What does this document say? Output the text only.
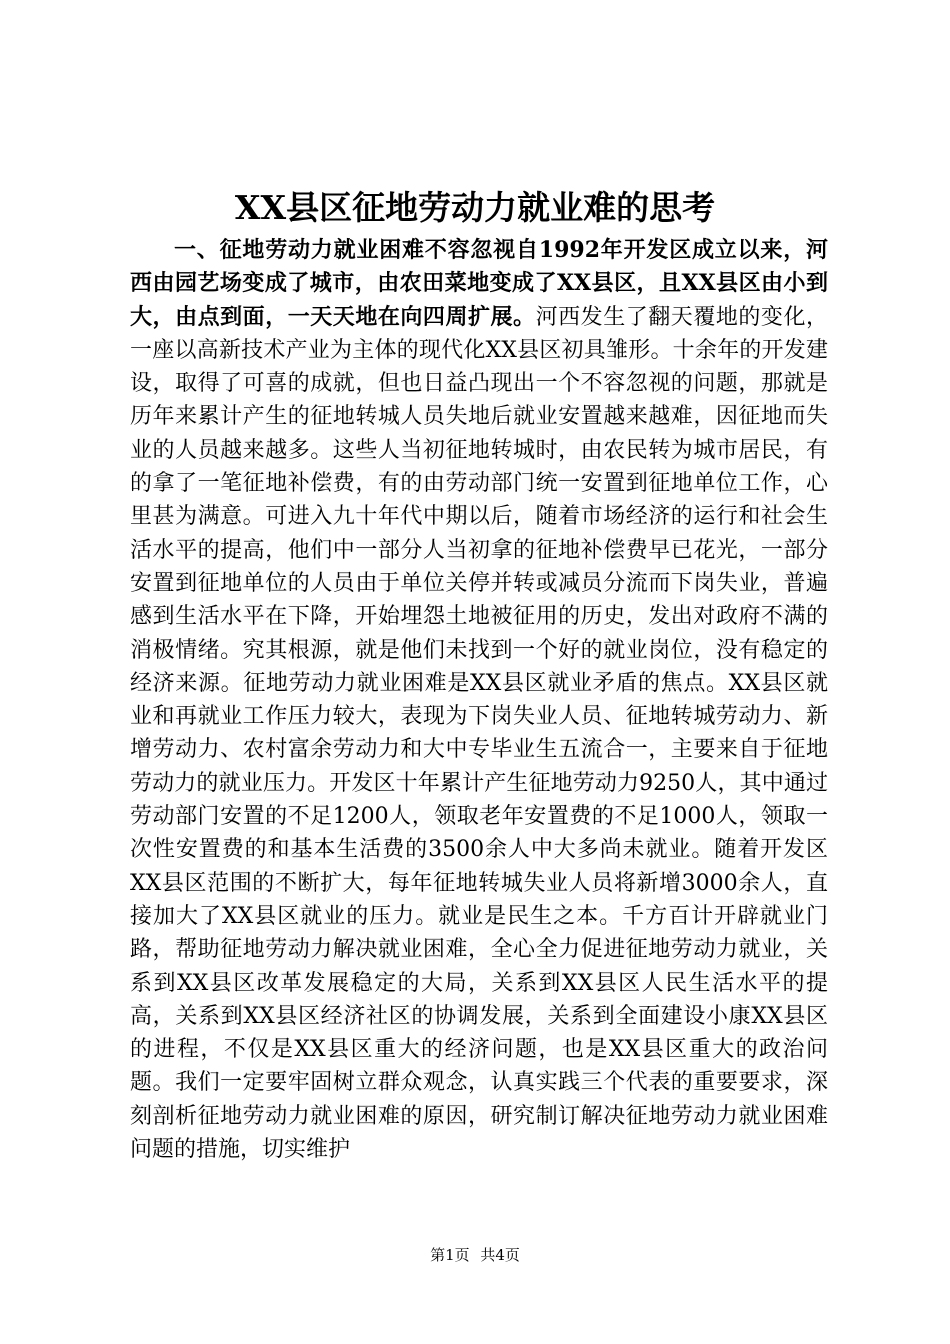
XX县区征地劳动力就业难的思考

一、征地劳动力就业困难不容忽视自1992年开发区成立以来，河西由园艺场变成了城市，由农田菜地变成了XX县区，且XX县区由小到大，由点到面，一天天地在向四周扩展。河西发生了翻天覆地的变化，一座以高新技术产业为主体的现代化XX县区初具雏形。十余年的开发建设，取得了可喜的成就，但也日益凸现出一个不容忽视的问题，那就是历年来累计产生的征地转城人员失地后就业安置越来越难，因征地而失业的人员越来越多。这些人当初征地转城时，由农民转为城市居民，有的拿了一笔征地补偿费，有的由劳动部门统一安置到征地单位工作，心里甚为满意。可进入九十年代中期以后，随着市场经济的运行和社会生活水平的提高，他们中一部分人当初拿的征地补偿费早已花光，一部分安置到征地单位的人员由于单位关停并转或减员分流而下岗失业，普遍感到生活水平在下降，开始埋怨土地被征用的历史，发出对政府不满的消极情绪。究其根源，就是他们未找到一个好的就业岗位，没有稳定的经济来源。征地劳动力就业困难是XX县区就业矛盾的焦点。XX县区就业和再就业工作压力较大，表现为下岗失业人员、征地转城劳动力、新增劳动力、农村富余劳动力和大中专毕业生五流合一，主要来自于征地劳动力的就业压力。开发区十年累计产生征地劳动力9250人，其中通过劳动部门安置的不足1200人，领取老年安置费的不足1000人，领取一次性安置费的和基本生活费的3500余人中大多尚未就业。随着开发区XX县区范围的不断扩大，每年征地转城失业人员将新增3000余人，直接加大了XX县区就业的压力。就业是民生之本。千方百计开辟就业门路，帮助征地劳动力解决就业困难，全心全力促进征地劳动力就业，关系到XX县区改革发展稳定的大局，关系到XX县区人民生活水平的提高，关系到XX县区经济社区的协调发展，关系到全面建设小康XX县区的进程，不仅是XX县区重大的经济问题，也是XX县区重大的政治问题。我们一定要牢固树立群众观念，认真实践三个代表的重要要求，深刻剖析征地劳动力就业困难的原因，研究制订解决征地劳动力就业困难问题的措施，切实维护

第1页 共4页
